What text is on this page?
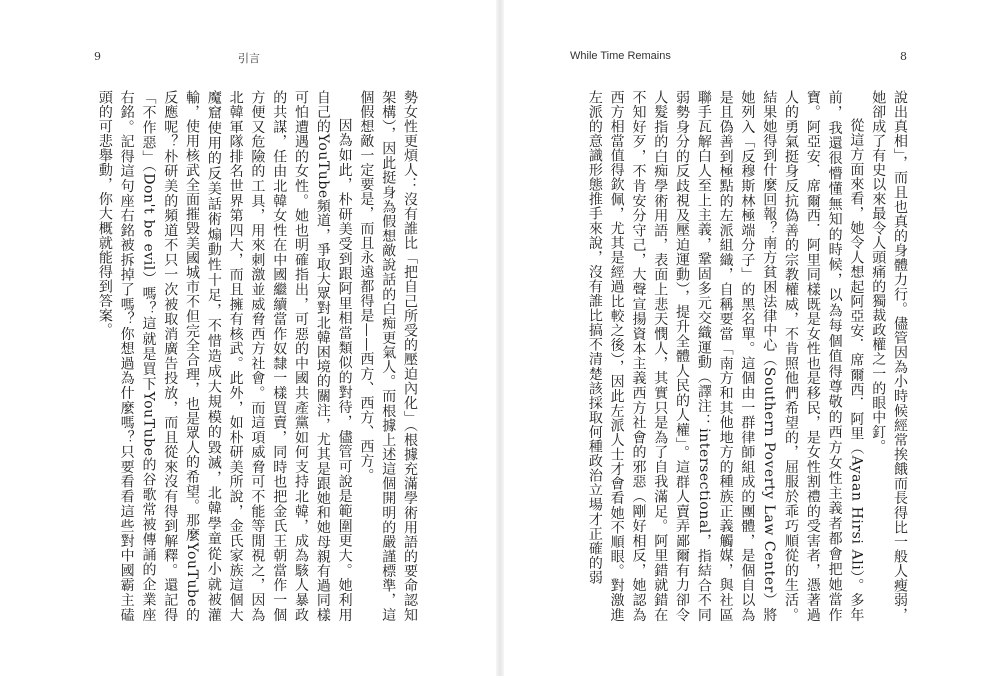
9	引言

勢女性更煩人：沒有誰比「把自己所受的壓迫內化」（根據充滿學術用語的要命認知架構），因此挺身為假想敵說話的白痴更氣人。而根據上述這個開明的嚴謹標準，這個假想敵一定要是，而且永遠都得是——西方、西方、西方。

因為如此，朴研美受到跟阿里相當類似的對待，儘管可說是範圍更大。她利用自己的YouTube頻道，爭取大眾對北韓困境的關注，尤其是跟她和她母親有過同樣可怕遭遇的女性。她也明確指出，可惡的中國共產黨如何支持北韓，成為駭人暴政的共謀，任由北韓女性在中國繼續當作奴隸一樣買賣，同時也把金氏王朝當作一個方便又危險的工具，用來刺激並威脅西方社會。而這項威脅可不能等閒視之，因為北韓軍隊排名世界第四大，而且擁有核武。此外，如朴研美所說，金氏家族這個大魔窟使用的反美話術煽動性十足，不惜造成大規模的毀滅，北韓學童從小就被灌輸，使用核武全面摧毀美國城市不但完全合理，也是眾人的希望。那麼YouTube的反應呢？朴研美的頻道不只一次被取消廣告投放，而且從來沒有得到解釋。還記得「不作惡」（Don't be evil）嗎？這就是買下YouTube的谷歌常被傳誦的企業座右銘。記得這句座右銘被拆掉了嗎？你想過為什麼嗎？只要看看這些對中國霸主磕頭的可悲舉動，你大概就能得到答案。

While Time Remains	8

說出真相」，而且也真的身體力行。儘管因為小時候經常挨餓而長得比一般人瘦弱，她卻成了有史以來最令人頭痛的獨裁政權之一的眼中釘。

從這方面來看，她令人想起阿亞安．席爾西．阿里（Ayaan Hirsi Ali）。多年前，我還很懵懂無知的時候，以為每個值得尊敬的西方女性主義者都會把她當作寶。阿亞安．席爾西．阿里同樣既是女性也是移民，是女性割禮的受害者，憑著過人的勇氣挺身反抗偽善的宗教權威，不肯照他們希望的，屈服於乖巧順從的生活。結果她得到什麼回報？南方貧困法律中心（Southern Poverty Law Center）將她列入「反穆斯林極端分子」的黑名單。這個由一群律師組成的團體，是個自以為是且偽善到極點的左派組織，自稱要當「南方和其他地方的種族正義觸媒，與社區聯手瓦解白人至上主義，鞏固多元交織運動（譯注：intersectional，指結合不同弱勢身分的反歧視及壓迫運動），提升全體人民的人權」。這群人賣弄鄙爾有力卻令人髮指的白痴學術用語，表面上悲天憫人，其實只是為了自我滿足。阿里錯就錯在不知好歹，不肯安分守己，大聲宣揚資本主義西方社會的邪惡（剛好相反，她認為西方相當值得欽佩，尤其是經過比較之後），因此左派人士才會看她不順眼。對激進左派的意識形態推手來說，沒有誰比搞不清楚該採取何種政治立場才正確的弱
